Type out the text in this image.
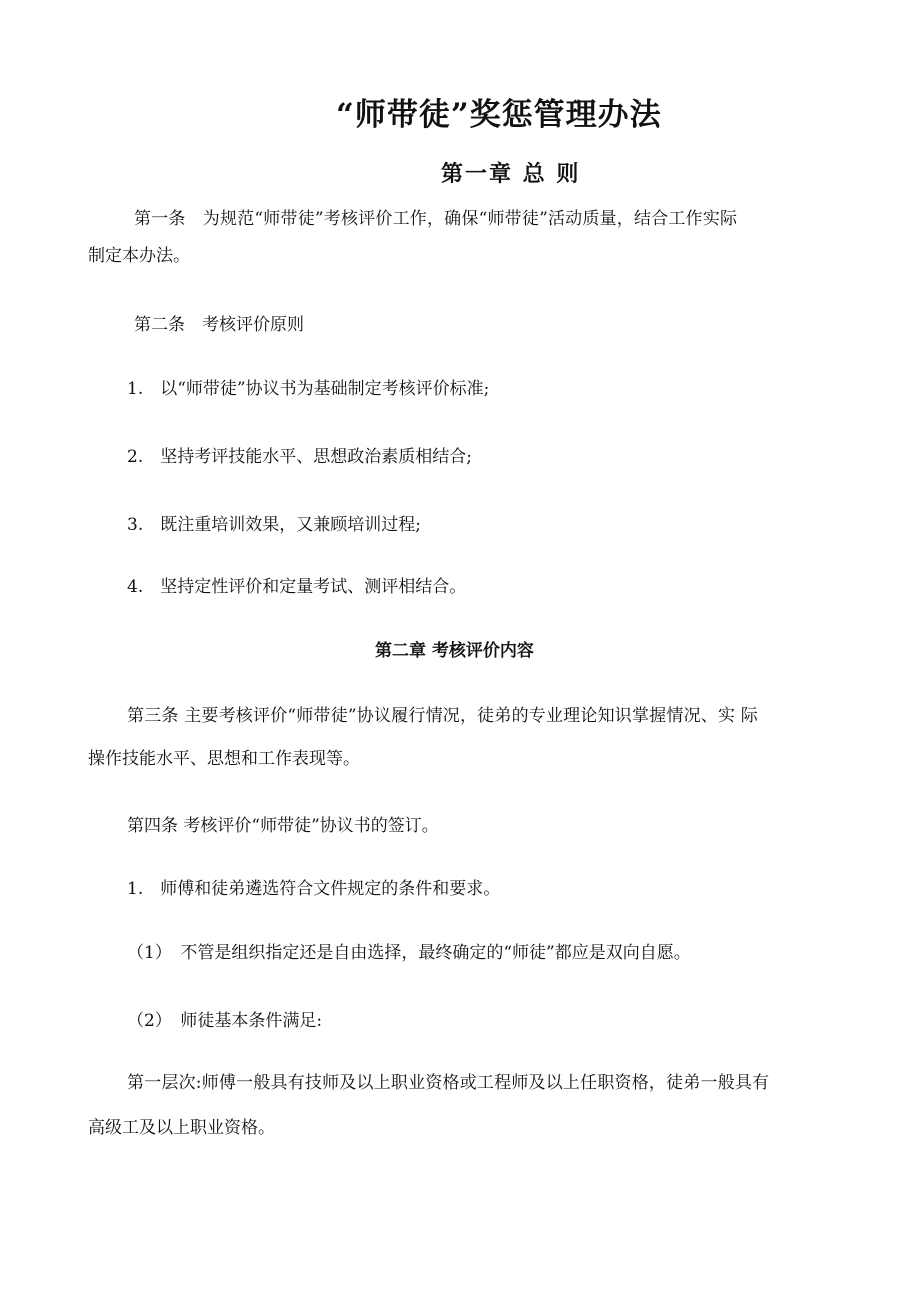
“师带徒”奖惩管理办法
第一章 总 则
第一条　为规范“师带徒”考核评价工作，确保“师带徒”活动质量，结合工作实际
制定本办法。
第二条　考核评价原则
1.　以“师带徒”协议书为基础制定考核评价标准;
2.　坚持考评技能水平、思想政治素质相结合;
3.　既注重培训效果，又兼顾培训过程;
4.　坚持定性评价和定量考试、测评相结合。
第二章 考核评价内容
第三条 主要考核评价“师带徒”协议履行情况，徒弟的专业理论知识掌握情况、实 际
操作技能水平、思想和工作表现等。
第四条 考核评价“师带徒”协议书的签订。
1.　师傅和徒弟遴选符合文件规定的条件和要求。
（1）　不管是组织指定还是自由选择，最终确定的“师徒”都应是双向自愿。
（2）　师徒基本条件满足:
第一层次:师傅一般具有技师及以上职业资格或工程师及以上任职资格，徒弟一般具有
高级工及以上职业资格。
